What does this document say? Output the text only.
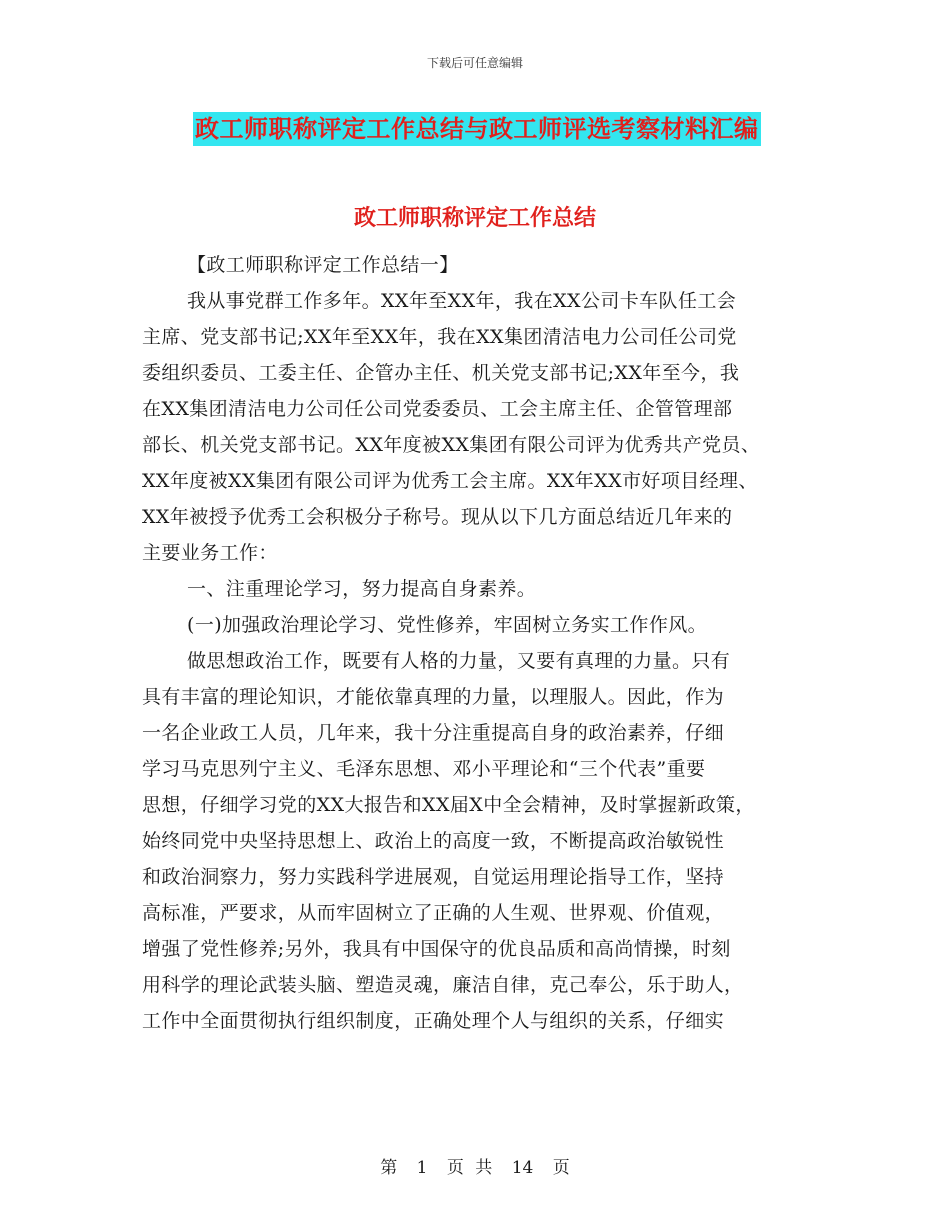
下载后可任意编辑
政工师职称评定工作总结与政工师评选考察材料汇编
政工师职称评定工作总结
【政工师职称评定工作总结一】
我从事党群工作多年。XX年至XX年，我在XX公司卡车队任工会
主席、党支部书记;XX年至XX年，我在XX集团清洁电力公司任公司党
委组织委员、工委主任、企管办主任、机关党支部书记;XX年至今，我
在XX集团清洁电力公司任公司党委委员、工会主席主任、企管管理部
部长、机关党支部书记。XX年度被XX集团有限公司评为优秀共产党员、
XX年度被XX集团有限公司评为优秀工会主席。XX年XX市好项目经理、
XX年被授予优秀工会积极分子称号。现从以下几方面总结近几年来的
主要业务工作：
一、注重理论学习，努力提高自身素养。
(一)加强政治理论学习、党性修养，牢固树立务实工作作风。
做思想政治工作，既要有人格的力量，又要有真理的力量。只有
具有丰富的理论知识，才能依靠真理的力量，以理服人。因此，作为
一名企业政工人员，几年来，我十分注重提高自身的政治素养，仔细
学习马克思列宁主义、毛泽东思想、邓小平理论和“三个代表”重要
思想，仔细学习党的XX大报告和XX届X中全会精神，及时掌握新政策，
始终同党中央坚持思想上、政治上的高度一致，不断提高政治敏锐性
和政治洞察力，努力实践科学进展观，自觉运用理论指导工作，坚持
高标准，严要求，从而牢固树立了正确的人生观、世界观、价值观，
增强了党性修养;另外，我具有中国保守的优良品质和高尚情操，时刻
用科学的理论武装头脑、塑造灵魂，廉洁自律，克己奉公，乐于助人，
工作中全面贯彻执行组织制度，正确处理个人与组织的关系，仔细实
第 1 页 共 14 页
